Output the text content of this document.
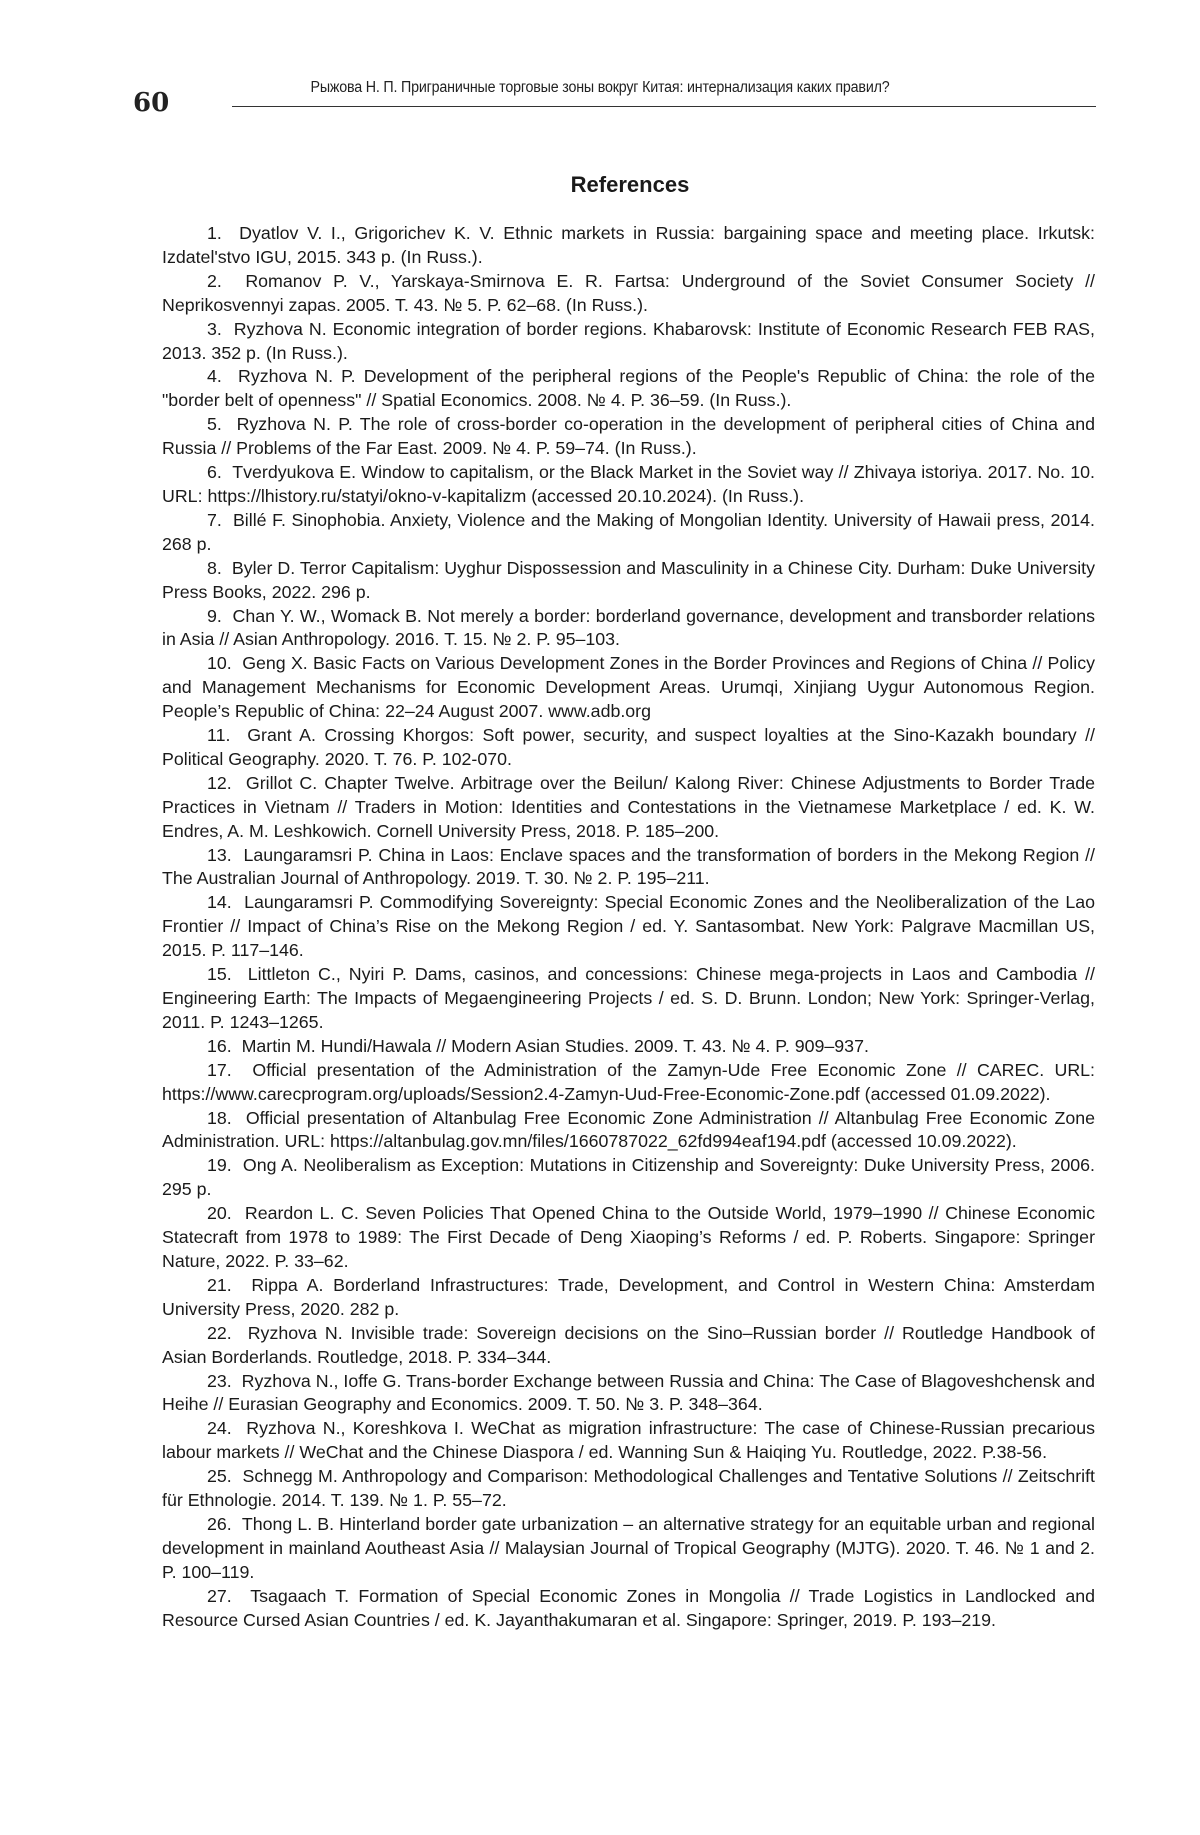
60
Рыжова Н. П. Приграничные торговые зоны вокруг Китая: интернализация каких правил?
References
1. Dyatlov V. I., Grigorichev K. V. Ethnic markets in Russia: bargaining space and meeting place. Irkutsk: Izdatel'stvo IGU, 2015. 343 p. (In Russ.).
2. Romanov P. V., Yarskaya-Smirnova E. R. Fartsa: Underground of the Soviet Consumer Society // Neprikosvennyi zapas. 2005. T. 43. № 5. P. 62–68. (In Russ.).
3. Ryzhova N. Economic integration of border regions. Khabarovsk: Institute of Economic Research FEB RAS, 2013. 352 p. (In Russ.).
4. Ryzhova N. P. Development of the peripheral regions of the People's Republic of China: the role of the "border belt of openness" // Spatial Economics. 2008. № 4. P. 36–59. (In Russ.).
5. Ryzhova N. P. The role of cross-border co-operation in the development of peripheral cities of China and Russia // Problems of the Far East. 2009. № 4. P. 59–74. (In Russ.).
6. Tverdyukova E. Window to capitalism, or the Black Market in the Soviet way // Zhivaya istoriya. 2017. No. 10. URL: https://lhistory.ru/statyi/okno-v-kapitalizm (accessed 20.10.2024). (In Russ.).
7. Billé F. Sinophobia. Anxiety, Violence and the Making of Mongolian Identity. University of Hawaii press, 2014. 268 p.
8. Byler D. Terror Capitalism: Uyghur Dispossession and Masculinity in a Chinese City. Durham: Duke University Press Books, 2022. 296 p.
9. Chan Y. W., Womack B. Not merely a border: borderland governance, development and transborder relations in Asia // Asian Anthropology. 2016. T. 15. № 2. P. 95–103.
10. Geng X. Basic Facts on Various Development Zones in the Border Provinces and Regions of China // Policy and Management Mechanisms for Economic Development Areas. Urumqi, Xinjiang Uygur Autonomous Region. People’s Republic of China: 22–24 August 2007. www.adb.org
11. Grant A. Crossing Khorgos: Soft power, security, and suspect loyalties at the Sino-Kazakh boundary // Political Geography. 2020. T. 76. P. 102-070.
12. Grillot C. Chapter Twelve. Arbitrage over the Beilun/ Kalong River: Chinese Adjustments to Border Trade Practices in Vietnam // Traders in Motion: Identities and Contestations in the Vietnamese Marketplace / ed. K. W. Endres, A. M. Leshkowich. Cornell University Press, 2018. P. 185–200.
13. Laungaramsri P. China in Laos: Enclave spaces and the transformation of borders in the Mekong Region // The Australian Journal of Anthropology. 2019. T. 30. № 2. P. 195–211.
14. Laungaramsri P. Commodifying Sovereignty: Special Economic Zones and the Neoliberalization of the Lao Frontier // Impact of China’s Rise on the Mekong Region / ed. Y. Santasombat. New York: Palgrave Macmillan US, 2015. P. 117–146.
15. Littleton C., Nyiri P. Dams, casinos, and concessions: Chinese mega-projects in Laos and Cambodia // Engineering Earth: The Impacts of Megaengineering Projects / ed. S. D. Brunn. London; New York: Springer-Verlag, 2011. P. 1243–1265.
16. Martin M. Hundi/Hawala // Modern Asian Studies. 2009. T. 43. № 4. P. 909–937.
17. Official presentation of the Administration of the Zamyn-Ude Free Economic Zone // CAREC. URL: https://www.carecprogram.org/uploads/Session2.4-Zamyn-Uud-Free-Economic-Zone.pdf (accessed 01.09.2022).
18. Official presentation of Altanbulag Free Economic Zone Administration // Altanbulag Free Economic Zone Administration. URL: https://altanbulag.gov.mn/files/1660787022_62fd994eaf194.pdf (accessed 10.09.2022).
19. Ong A. Neoliberalism as Exception: Mutations in Citizenship and Sovereignty: Duke University Press, 2006. 295 p.
20. Reardon L. C. Seven Policies That Opened China to the Outside World, 1979–1990 // Chinese Economic Statecraft from 1978 to 1989: The First Decade of Deng Xiaoping’s Reforms / ed. P. Roberts. Singapore: Springer Nature, 2022. P. 33–62.
21. Rippa A. Borderland Infrastructures: Trade, Development, and Control in Western China: Amsterdam University Press, 2020. 282 p.
22. Ryzhova N. Invisible trade: Sovereign decisions on the Sino–Russian border // Routledge Handbook of Asian Borderlands. Routledge, 2018. P. 334–344.
23. Ryzhova N., Ioffe G. Trans-border Exchange between Russia and China: The Case of Blagoveshchensk and Heihe // Eurasian Geography and Economics. 2009. T. 50. № 3. P. 348–364.
24. Ryzhova N., Koreshkova I. WeChat as migration infrastructure: The case of Chinese-Russian precarious labour markets // WeChat and the Chinese Diaspora / ed. Wanning Sun & Haiqing Yu. Routledge, 2022. P.38-56.
25. Schnegg M. Anthropology and Comparison: Methodological Challenges and Tentative Solutions // Zeitschrift für Ethnologie. 2014. T. 139. № 1. P. 55–72.
26. Thong L. B. Hinterland border gate urbanization – an alternative strategy for an equitable urban and regional development in mainland Aoutheast Asia // Malaysian Journal of Tropical Geography (MJTG). 2020. T. 46. № 1 and 2. P. 100–119.
27. Tsagaach T. Formation of Special Economic Zones in Mongolia // Trade Logistics in Landlocked and Resource Cursed Asian Countries / ed. K. Jayanthakumaran et al. Singapore: Springer, 2019. P. 193–219.
